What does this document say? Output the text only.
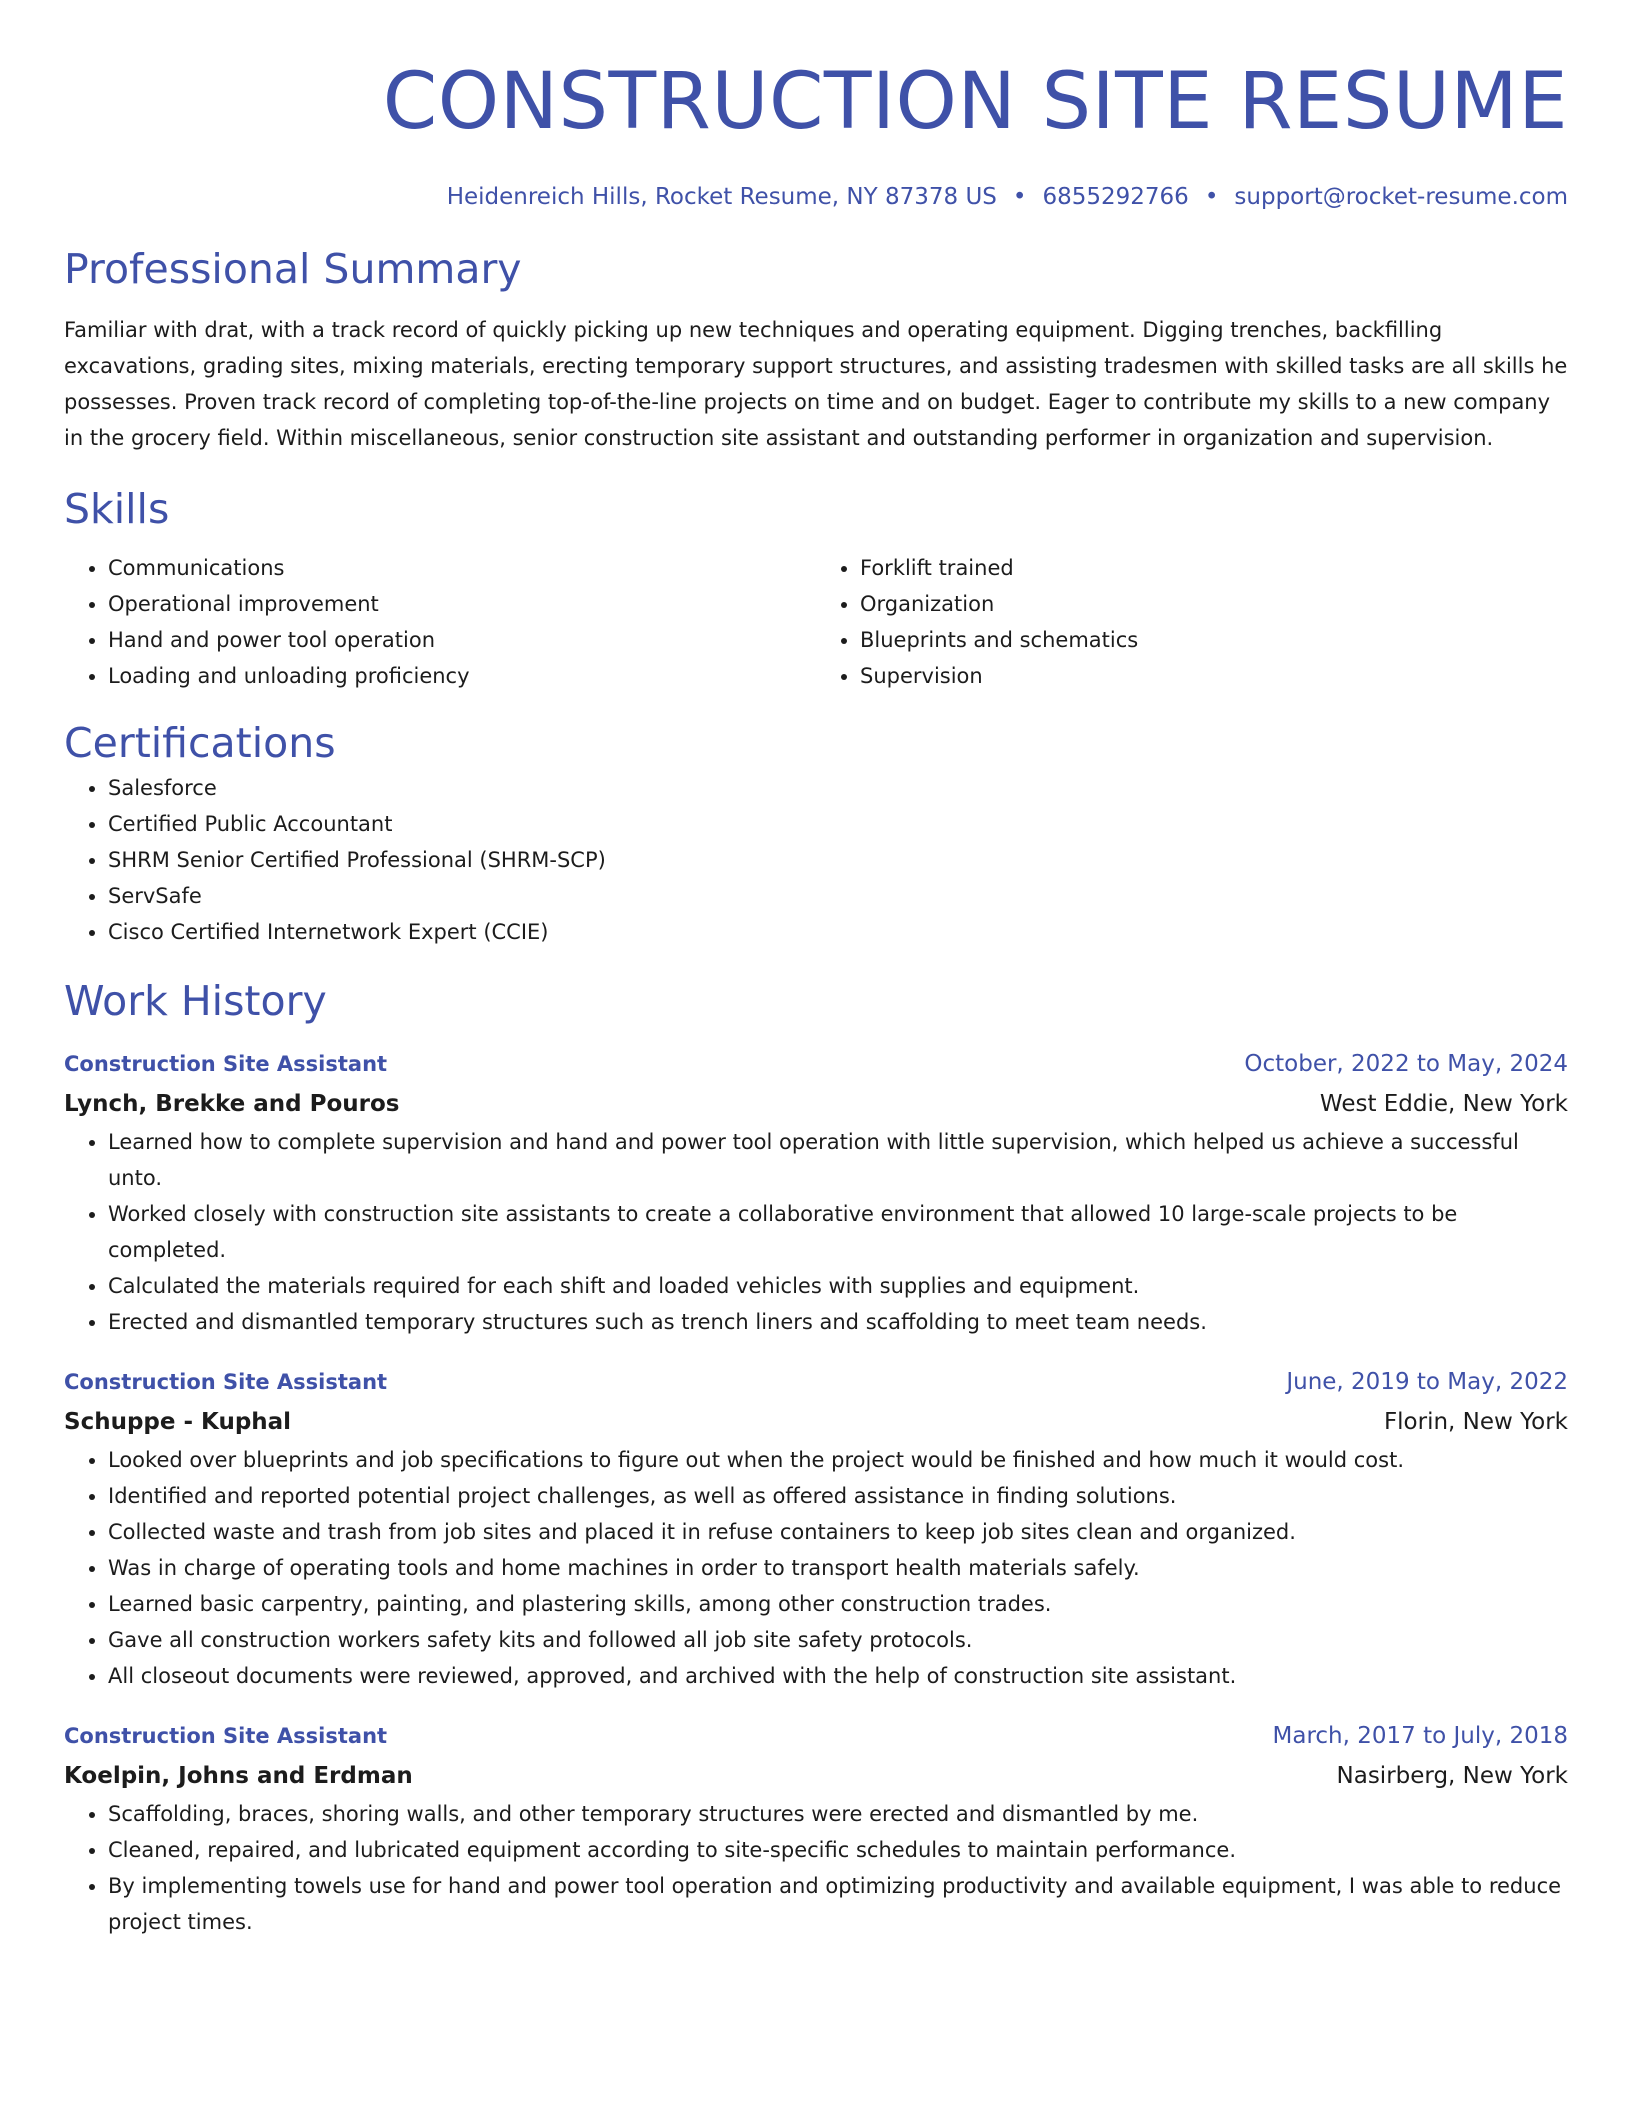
CONSTRUCTION SITE RESUME
Heidenreich Hills, Rocket Resume, NY 87378 US • 6855292766 • support@rocket-resume.com
Professional Summary

Familiar with drat, with a track record of quickly picking up new techniques and operating equipment. Digging trenches, backfilling excavations, grading sites, mixing materials, erecting temporary support structures, and assisting tradesmen with skilled tasks are all skills he possesses. Proven track record of completing top-of-the-line projects on time and on budget. Eager to contribute my skills to a new company in the grocery field. Within miscellaneous, senior construction site assistant and outstanding performer in organization and supervision.

Skills
• Communications
• Operational improvement
• Hand and power tool operation
• Loading and unloading proficiency
• Forklift trained
• Organization
• Blueprints and schematics
• Supervision
Certifications
• Salesforce
• Certified Public Accountant
• SHRM Senior Certified Professional (SHRM-SCP)
• ServSafe
• Cisco Certified Internetwork Expert (CCIE)
Work History
Construction Site Assistant	October, 2022 to May, 2024
Lynch, Brekke and Pouros	West Eddie, New York
• Learned how to complete supervision and hand and power tool operation with little supervision, which helped us achieve a successful unto.
• Worked closely with construction site assistants to create a collaborative environment that allowed 10 large-scale projects to be completed.
• Calculated the materials required for each shift and loaded vehicles with supplies and equipment.
• Erected and dismantled temporary structures such as trench liners and scaffolding to meet team needs.
Construction Site Assistant	June, 2019 to May, 2022
Schuppe - Kuphal	Florin, New York
• Looked over blueprints and job specifications to figure out when the project would be finished and how much it would cost.
• Identified and reported potential project challenges, as well as offered assistance in finding solutions.
• Collected waste and trash from job sites and placed it in refuse containers to keep job sites clean and organized.
• Was in charge of operating tools and home machines in order to transport health materials safely.
• Learned basic carpentry, painting, and plastering skills, among other construction trades.
• Gave all construction workers safety kits and followed all job site safety protocols.
• All closeout documents were reviewed, approved, and archived with the help of construction site assistant.
Construction Site Assistant	March, 2017 to July, 2018
Koelpin, Johns and Erdman	Nasirberg, New York
• Scaffolding, braces, shoring walls, and other temporary structures were erected and dismantled by me.
• Cleaned, repaired, and lubricated equipment according to site-specific schedules to maintain performance.
• By implementing towels use for hand and power tool operation and optimizing productivity and available equipment, I was able to reduce project times.
